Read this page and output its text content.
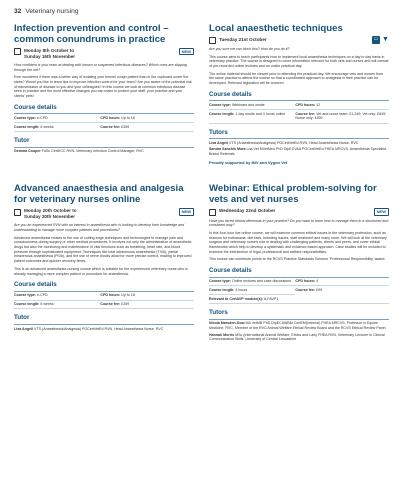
32 Veterinary nursing
Infection prevention and control – common conundrums in practice
Monday 8th October to
Sunday 16th November
NEW

How confident is your team at dealing with known or suspected infectious diseases? Which ones are slipping through the net?

Ever wondered if there was a better way of isolating your kennel cough patient than in the cupboard under the stairs? Would you like to learn tips to improve infection control for your team? Are you aware of the potential risk of transmission of disease to you and your colleagues? In this course we look at common infectious disease seen in practice and the most effective changes you can make to protect your staff, your practice and your clients' pets!

Course details
Course type: e-CPD	CPD hours: Up to 18
Course length: 6 weeks	Course fee: £359
Tutor

Gemma Cooper FdSc CertECC RVN, Veterinary Infection Control Manager, RVC

Local anaesthetic techniques
Tuesday 21st October	▭ ▼

Are you sure we can block this? How do you do it?

This course aims to teach participants how to implement local anaesthesia techniques on a day to day basis in veterinary practice. The course is designed to cover information relevant for both vets and nurses and will consist of pre-recorded online lectures and an onsite practical day.

The online material should be viewed prior to attending the practical day. We encourage vets and nurses from the same practice to attend the course so that a coordinated approach to analgesia in their practice can be developed. Relevant legislation will be covered.

Course details
Course type: Webinars and onsite	CPD hours: 12
Course length: 1 day onsite and 4 hours online	Course fee: Vet and nurse team: £1,249; Vet only: £849; Nurse only: £499
Tutors

Lisa Angell VTS (Anaesthesia/Analgesia) PGCertVetEd RVN, Head Anaesthesia Nurse, RVC

Sandra Sanchis Mora Lda Vet MVetMed PhD DipECVAA PGCertVetEd FHEA MRCVS, Anaesthesia Specialist, Bristol Referrals

Proudly supported by IMV and Vygon Vet
Advanced anaesthesia and analgesia for veterinary nurses online
Monday 20th October to
Sunday 30th November
NEW

Are you an experienced RVN with an interest in anaesthesia who is looking to develop their knowledge and understanding to manage more complex patients and procedures?

Advanced anaesthesia relates to the use of cutting-edge techniques and technologies to manage pain and consciousness during surgery or other medical procedures. It involves not only the administration of anaesthetic drugs but also the monitoring and maintenance of vital functions such as breathing, heart rate, and blood pressure through sophisticated equipment. Techniques like total intravenous anaesthesia (TIVA), partial intravenous anaesthesia (PIVA), and the use of nerve blocks allow for more precise control, leading to improved patient outcomes and quicker recovery times.

This is an advanced anaesthesia nursing course which is suitable for the experienced veterinary nurse who is already managing a more complex patient or procedure for anaesthesia.

Course details
Course type: e-CPD	CPD hours: Up to 18
Course length: 6 weeks	Course fee: £359
Tutor

Lisa Angell VTS (Anaesthesia/Analgesia) PGCertVetEd RVN, Head Anaesthesia Nurse, RVC

Webinar: Ethical problem-solving for vets and vet nurses
Wednesday 22nd October	NEW

Have you faced ethical dilemmas in your practice? Do you want to learn how to manage them in a structured and consistent way?

In this four-hour live online course, we will examine common ethical issues in the veterinary profession, such as reasons for euthanasia, diet fads, breeding issues, staff treatment and many more. We will look at the veterinary surgeon and veterinary nurse's role in dealing with challenging patients, clients and peers, and cover ethical frameworks which help to develop a systematic and evidence-based approach. Case studies will be included to examine the intersection of legal, professional and welfare responsibilities.

This course can contribute points to the RCVS Practice Standards Scheme 'Professional Responsibility' award.

Course details
Course type: Online lectures and case discussions	CPD hours: 4
Course length: 4 hours	Course fee: £99
Relevant to CertAVP module(s): A-FAVP1
Tutors

Nicola Marsden-Gow MA VetMB PhD DipECAWBM CertEM(Internal) FHEA MRCVS, Professor in Equine Medicine, RVC, Member of the RVC Animal Welfare Ethical Review Board and the RCVS Ethical Review Panel

Hannah Morris MSc (International Animal Welfare, Ethics and Law) FHEA RVN, Veterinary Lecturer in Clinical Communication Skills, University of Central Lancashire
